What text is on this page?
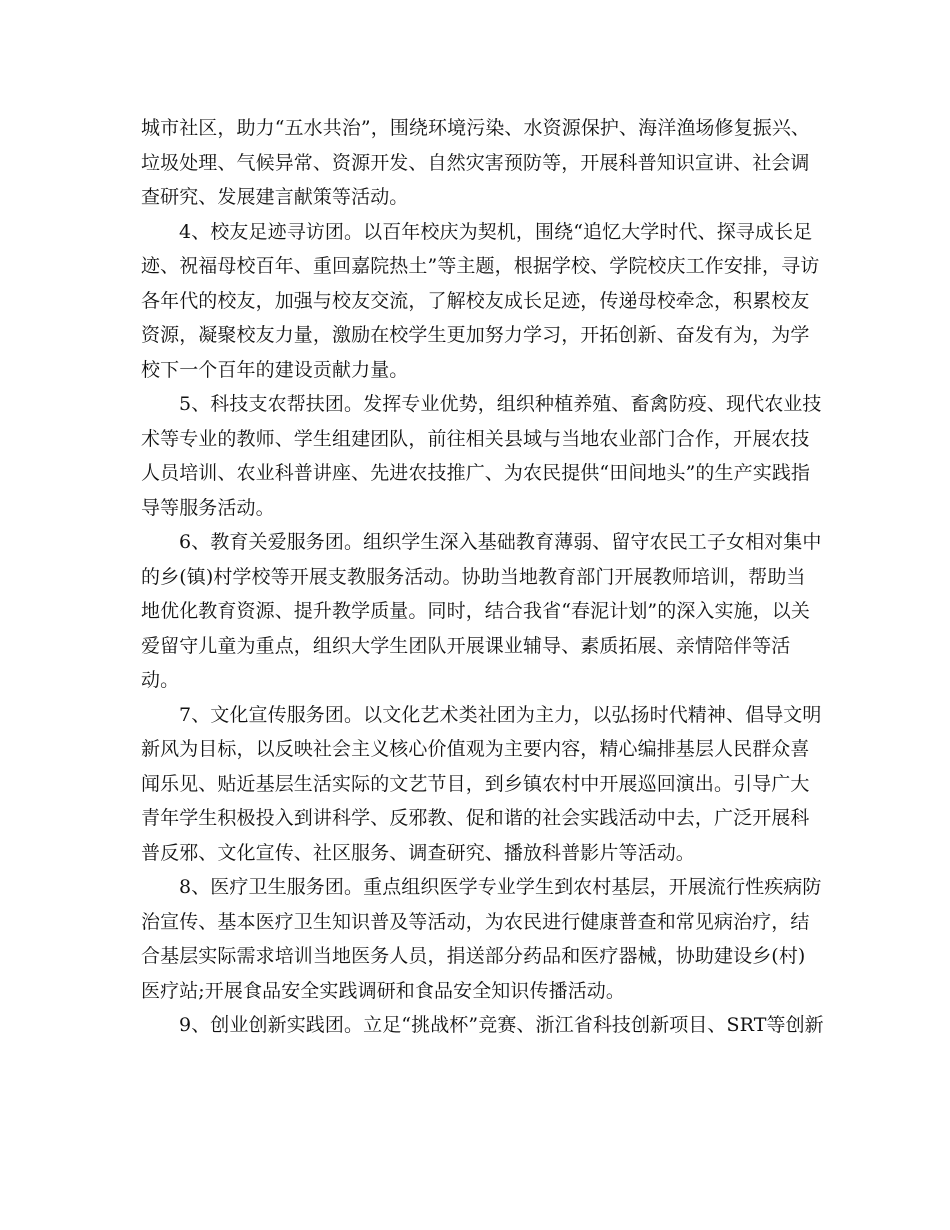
城市社区，助力“五水共治”，围绕环境污染、水资源保护、海洋渔场修复振兴、
垃圾处理、气候异常、资源开发、自然灾害预防等，开展科普知识宣讲、社会调
查研究、发展建言献策等活动。

4、校友足迹寻访团。以百年校庆为契机，围绕“追忆大学时代、探寻成长足
迹、祝福母校百年、重回嘉院热土”等主题，根据学校、学院校庆工作安排，寻访
各年代的校友，加强与校友交流，了解校友成长足迹，传递母校牵念，积累校友
资源，凝聚校友力量，激励在校学生更加努力学习，开拓创新、奋发有为，为学
校下一个百年的建设贡献力量。

5、科技支农帮扶团。发挥专业优势，组织种植养殖、畜禽防疫、现代农业技
术等专业的教师、学生组建团队，前往相关县域与当地农业部门合作，开展农技
人员培训、农业科普讲座、先进农技推广、为农民提供“田间地头”的生产实践指
导等服务活动。

6、教育关爱服务团。组织学生深入基础教育薄弱、留守农民工子女相对集中
的乡(镇)村学校等开展支教服务活动。协助当地教育部门开展教师培训，帮助当
地优化教育资源、提升教学质量。同时，结合我省“春泥计划”的深入实施，以关
爱留守儿童为重点，组织大学生团队开展课业辅导、素质拓展、亲情陪伴等活
动。

7、文化宣传服务团。以文化艺术类社团为主力，以弘扬时代精神、倡导文明
新风为目标，以反映社会主义核心价值观为主要内容，精心编排基层人民群众喜
闻乐见、贴近基层生活实际的文艺节目，到乡镇农村中开展巡回演出。引导广大
青年学生积极投入到讲科学、反邪教、促和谐的社会实践活动中去，广泛开展科
普反邪、文化宣传、社区服务、调查研究、播放科普影片等活动。

8、医疗卫生服务团。重点组织医学专业学生到农村基层，开展流行性疾病防
治宣传、基本医疗卫生知识普及等活动，为农民进行健康普查和常见病治疗，结
合基层实际需求培训当地医务人员，捐送部分药品和医疗器械，协助建设乡(村)
医疗站;开展食品安全实践调研和食品安全知识传播活动。

9、创业创新实践团。立足“挑战杯”竞赛、浙江省科技创新项目、SRT等创新
